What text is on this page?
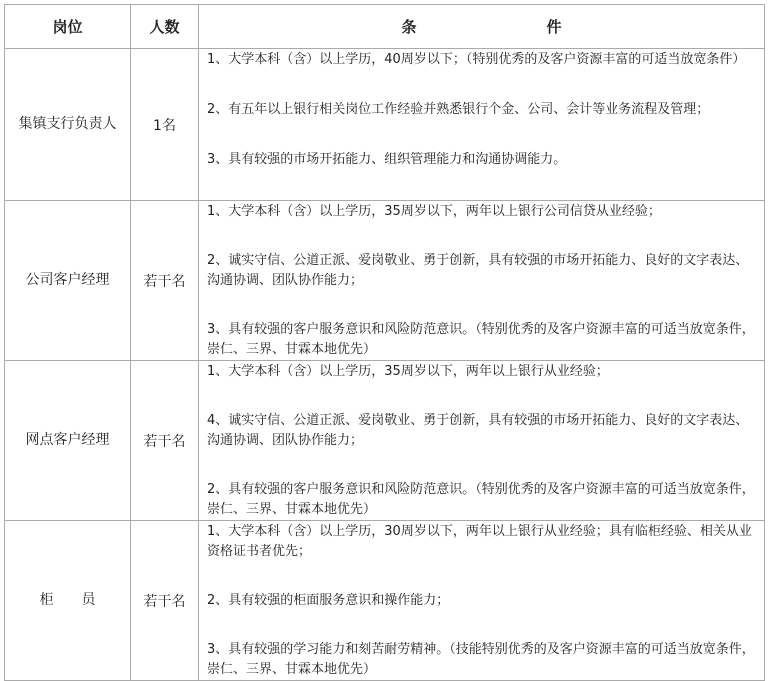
岗位	人数	条 件
集镇支行负责人	1名	1、大学本科（含）以上学历，40周岁以下；（特别优秀的及客户资源丰富的可适当放宽条件）

2、有五年以上银行相关岗位工作经验并熟悉银行个金、公司、会计等业务流程及管理；

3、具有较强的市场开拓能力、组织管理能力和沟通协调能力。

公司客户经理	若干名	1、大学本科（含）以上学历，35周岁以下，两年以上银行公司信贷从业经验；

2、诚实守信、公道正派、爱岗敬业、勇于创新，具有较强的市场开拓能力、良好的文字表达、沟通协调、团队协作能力；

3、具有较强的客户服务意识和风险防范意识。（特别优秀的及客户资源丰富的可适当放宽条件，崇仁、三界、甘霖本地优先）

网点客户经理	若干名	1、大学本科（含）以上学历，35周岁以下，两年以上银行从业经验；

4、诚实守信、公道正派、爱岗敬业、勇于创新，具有较强的市场开拓能力、良好的文字表达、沟通协调、团队协作能力；

2、具有较强的客户服务意识和风险防范意识。（特别优秀的及客户资源丰富的可适当放宽条件，崇仁、三界、甘霖本地优先）

柜　　员	若干名	1、大学本科（含）以上学历，30周岁以下，两年以上银行从业经验；具有临柜经验、相关从业资格证书者优先；

2、具有较强的柜面服务意识和操作能力；

3、具有较强的学习能力和刻苦耐劳精神。（技能特别优秀的及客户资源丰富的可适当放宽条件，崇仁、三界、甘霖本地优先）
